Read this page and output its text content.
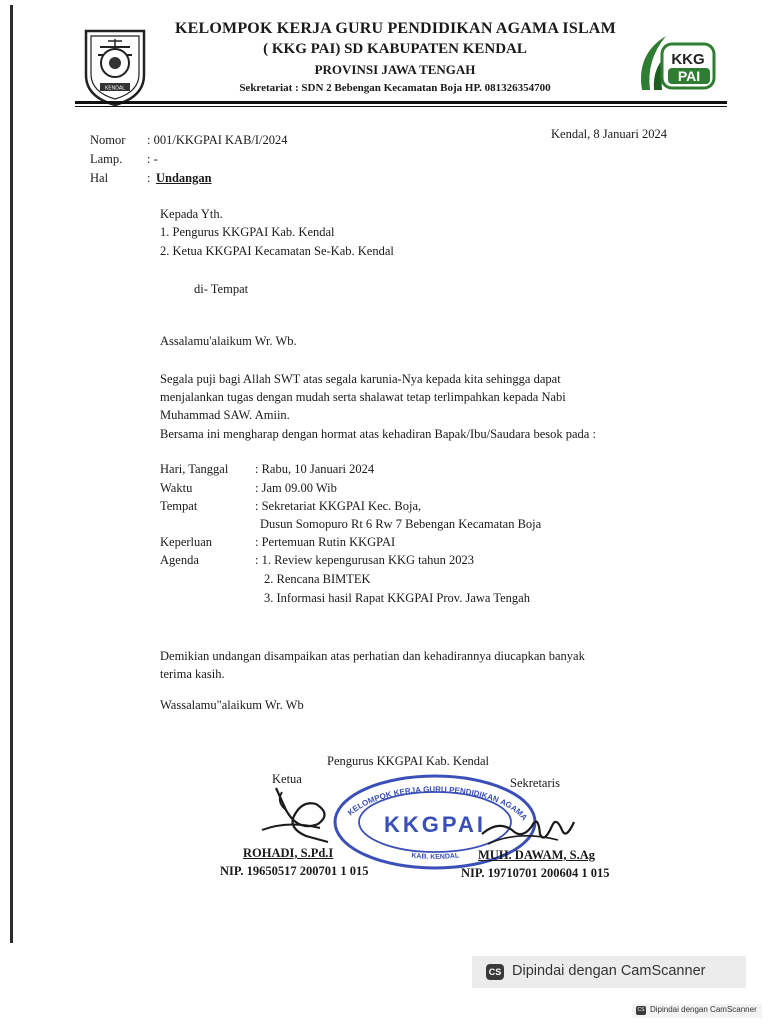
KENDAL
KKG
PAI
KELOMPOK KERJA GURU PENDIDIKAN AGAMA ISLAM
( KKG PAI) SD KABUPATEN KENDAL
PROVINSI JAWA TENGAH
Sekretariat : SDN 2 Bebengan Kecamatan Boja HP. 081326354700
Nomor : 001/KKGPAI KAB/I/2024	Kendal, 8 Januari 2024
Lamp. : -
Hal	: Undangan
Kepada Yth.
1. Pengurus KKGPAI Kab. Kendal
2. Ketua KKGPAI Kecamatan Se-Kab. Kendal
di- Tempat
Assalamu'alaikum Wr. Wb.
Segala puji bagi Allah SWT atas segala karunia-Nya kepada kita sehingga dapat
menjalankan tugas dengan mudah serta shalawat tetap terlimpahkan kepada Nabi
Muhammad SAW. Amiin.
Bersama ini mengharap dengan hormat atas kehadiran Bapak/Ibu/Saudara besok pada :
Hari, Tanggal : Rabu, 10 Januari 2024
Waktu	: Jam 09.00 Wib
Tempat	: Sekretariat KKGPAI Kec. Boja,
Dusun Somopuro Rt 6 Rw 7 Bebengan Kecamatan Boja
Keperluan	: Pertemuan Rutin KKGPAI
Agenda	: 1. Review kepengurusan KKG tahun 2023
2. Rencana BIMTEK
3. Informasi hasil Rapat KKGPAI Prov. Jawa Tengah
Demikian undangan disampaikan atas perhatian dan kehadirannya diucapkan banyak
terima kasih.
Wassalamu"alaikum Wr. Wb
Pengurus KKGPAI Kab. Kendal
Ketua	Sekretaris
KELOMPOK KERJA GURU PENDIDIKAN AGAMA
KAB. KENDAL
KKGPAI
ROHADI, S.Pd.I
NIP. 19650517 200701 1 015
MUH. DAWAM, S.Ag
NIP. 19710701 200604 1 015
CS Dipindai dengan CamScanner
CS Dipindai dengan CamScanner
